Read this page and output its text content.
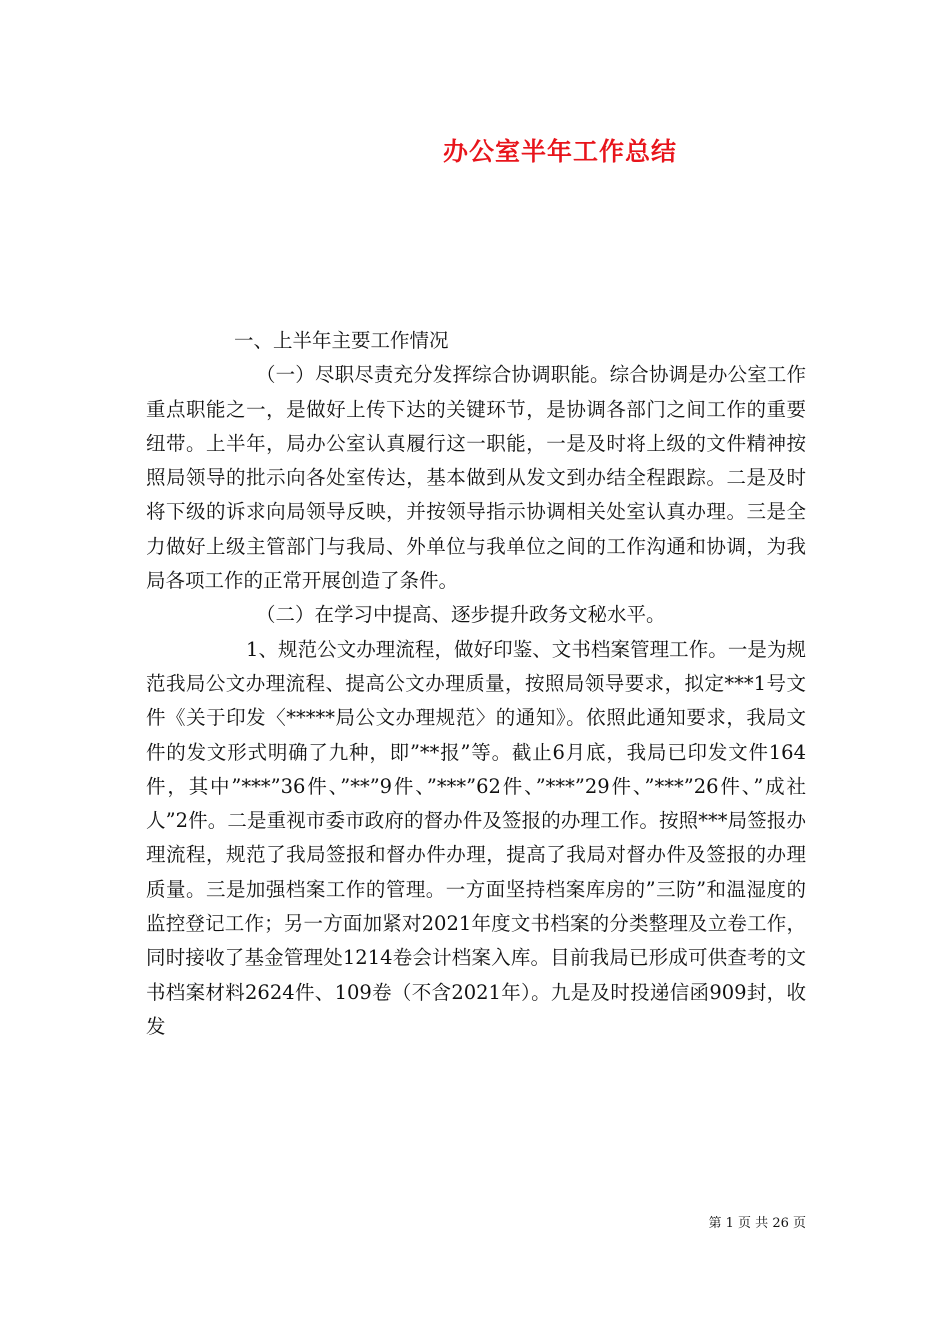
办公室半年工作总结

一、上半年主要工作情况

（一）尽职尽责充分发挥综合协调职能。综合协调是办公室工作重点职能之一，是做好上传下达的关键环节，是协调各部门之间工作的重要纽带。上半年，局办公室认真履行这一职能，一是及时将上级的文件精神按照局领导的批示向各处室传达，基本做到从发文到办结全程跟踪。二是及时将下级的诉求向局领导反映，并按领导指示协调相关处室认真办理。三是全力做好上级主管部门与我局、外单位与我单位之间的工作沟通和协调，为我局各项工作的正常开展创造了条件。

（二）在学习中提高、逐步提升政务文秘水平。

1、规范公文办理流程，做好印鉴、文书档案管理工作。一是为规范我局公文办理流程、提高公文办理质量，按照局领导要求，拟定***1号文件《关于印发〈*****局公文办理规范〉的通知》。依照此通知要求，我局文件的发文形式明确了九种，即”**报”等。截止6月底，我局已印发文件164件，其中”***”36件、”**”9件、”***”62件、”***”29件、”***”26件、”成社人”2件。二是重视市委市政府的督办件及签报的办理工作。按照***局签报办理流程，规范了我局签报和督办件办理，提高了我局对督办件及签报的办理质量。三是加强档案工作的管理。一方面坚持档案库房的”三防”和温湿度的监控登记工作；另一方面加紧对2021年度文书档案的分类整理及立卷工作，同时接收了基金管理处1214卷会计档案入库。目前我局已形成可供查考的文书档案材料2624件、109卷（不含2021年）。九是及时投递信函909封，收发

第 1 页 共 26 页
